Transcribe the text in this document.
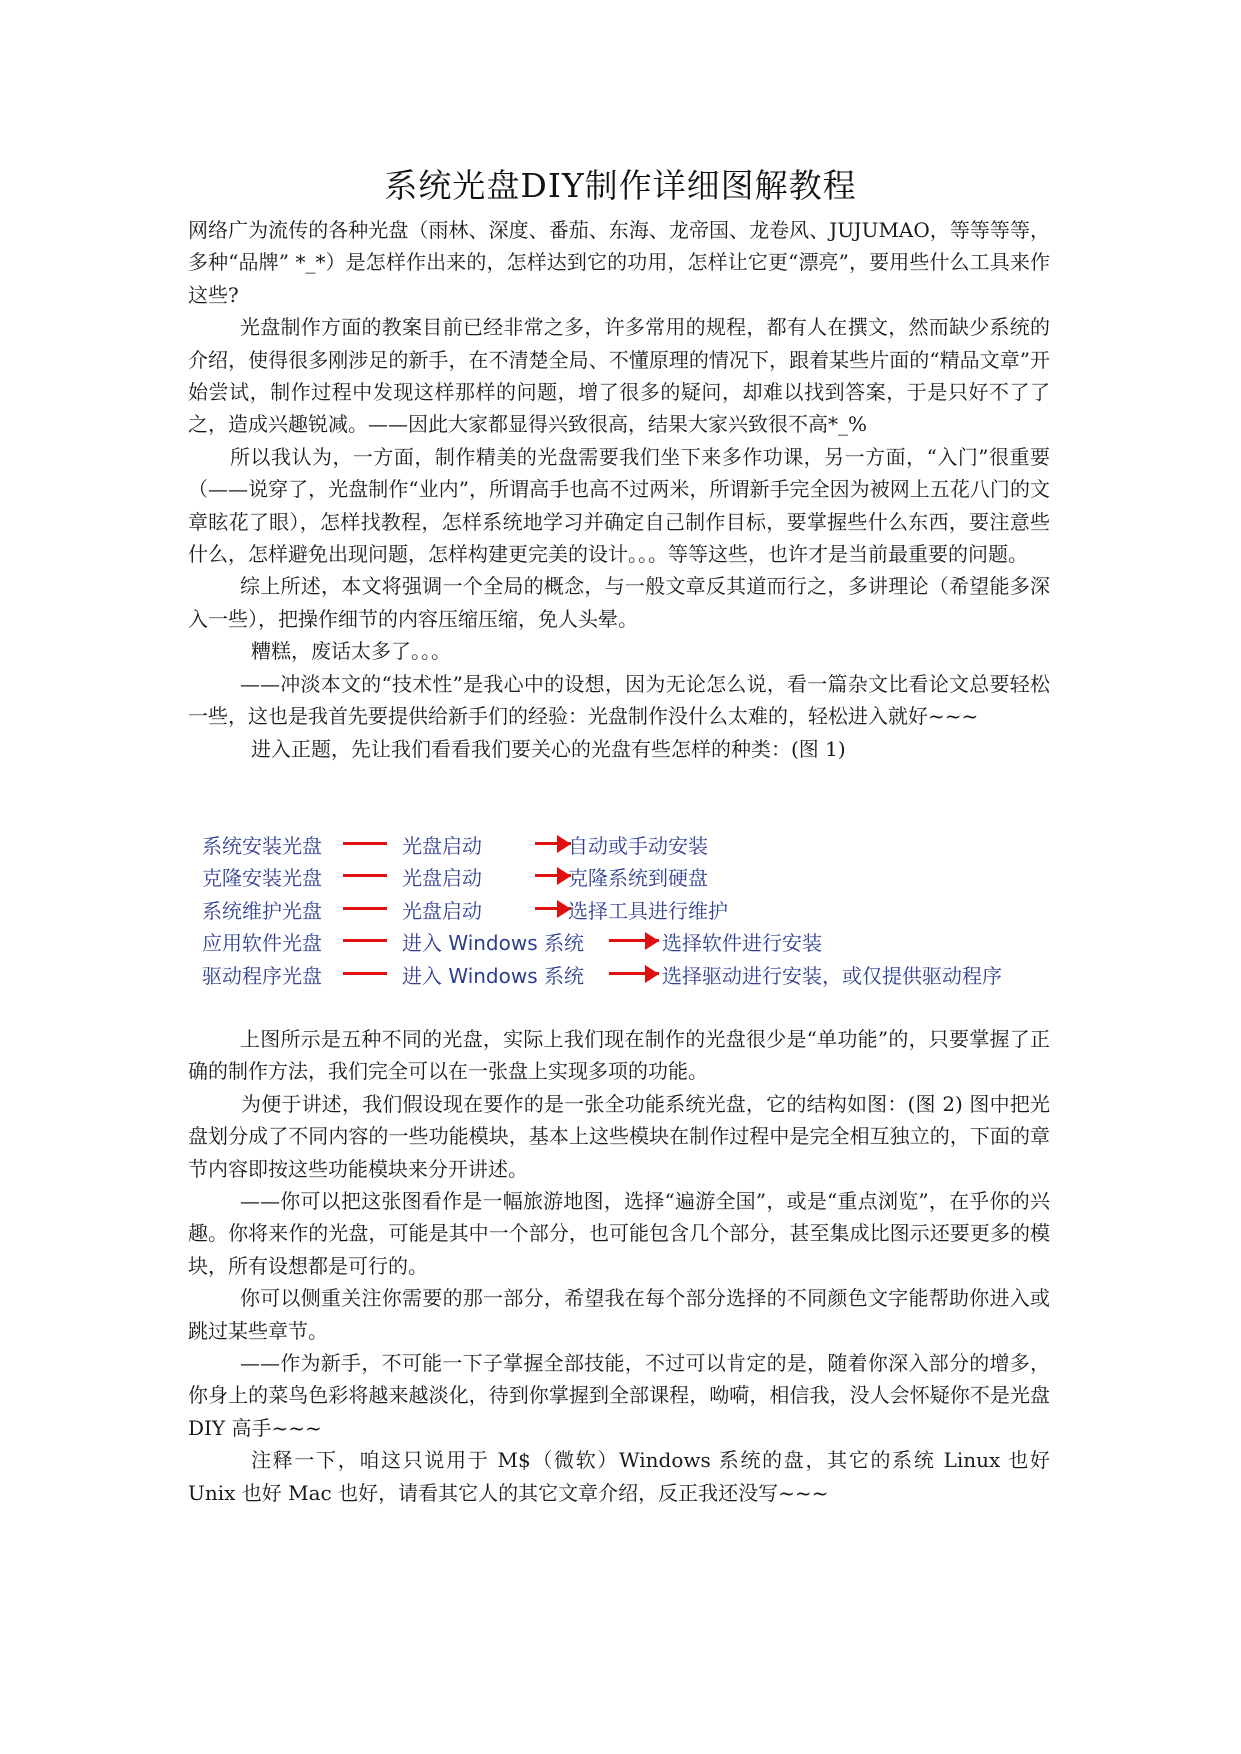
系统光盘DIY制作详细图解教程

网络广为流传的各种光盘（雨林、深度、番茄、东海、龙帝国、龙卷风、JUJUMAO，等等等等，多种“品牌” *_*）是怎样作出来的，怎样达到它的功用，怎样让它更“漂亮”，要用些什么工具来作这些?

光盘制作方面的教案目前已经非常之多，许多常用的规程，都有人在撰文，然而缺少系统的介绍，使得很多刚涉足的新手，在不清楚全局、不懂原理的情况下，跟着某些片面的“精品文章”开始尝试，制作过程中发现这样那样的问题，增了很多的疑问，却难以找到答案，于是只好不了了之，造成兴趣锐减。——因此大家都显得兴致很高，结果大家兴致很不高*_%

所以我认为，一方面，制作精美的光盘需要我们坐下来多作功课，另一方面，“入门”很重要（——说穿了，光盘制作“业内”，所谓高手也高不过两米，所谓新手完全因为被网上五花八门的文章眩花了眼），怎样找教程，怎样系统地学习并确定自己制作目标，要掌握些什么东西，要注意些什么，怎样避免出现问题，怎样构建更完美的设计。。。等等这些，也许才是当前最重要的问题。

综上所述，本文将强调一个全局的概念，与一般文章反其道而行之，多讲理论（希望能多深入一些），把操作细节的内容压缩压缩，免人头晕。

糟糕，废话太多了。。。

——冲淡本文的“技术性”是我心中的设想，因为无论怎么说，看一篇杂文比看论文总要轻松一些，这也是我首先要提供给新手们的经验：光盘制作没什么太难的，轻松进入就好~~~

进入正题，先让我们看看我们要关心的光盘有些怎样的种类：(图 1)

系统安装光盘	光盘启动	自动或手动安装
克隆安装光盘	光盘启动	克隆系统到硬盘
系统维护光盘	光盘启动	选择工具进行维护
应用软件光盘	进入 Windows 系统	选择软件进行安装
驱动程序光盘	进入 Windows 系统	选择驱动进行安装，或仅提供驱动程序

上图所示是五种不同的光盘，实际上我们现在制作的光盘很少是“单功能”的，只要掌握了正确的制作方法，我们完全可以在一张盘上实现多项的功能。

为便于讲述，我们假设现在要作的是一张全功能系统光盘，它的结构如图：(图 2) 图中把光盘划分成了不同内容的一些功能模块，基本上这些模块在制作过程中是完全相互独立的，下面的章节内容即按这些功能模块来分开讲述。

——你可以把这张图看作是一幅旅游地图，选择“遍游全国”，或是“重点浏览”，在乎你的兴趣。你将来作的光盘，可能是其中一个部分，也可能包含几个部分，甚至集成比图示还要更多的模块，所有设想都是可行的。

你可以侧重关注你需要的那一部分，希望我在每个部分选择的不同颜色文字能帮助你进入或跳过某些章节。

——作为新手，不可能一下子掌握全部技能，不过可以肯定的是，随着你深入部分的增多，你身上的菜鸟色彩将越来越淡化，待到你掌握到全部课程，呦嗬，相信我，没人会怀疑你不是光盘 DIY 高手~~~

注释一下，咱这只说用于 M$（微软）Windows 系统的盘，其它的系统 Linux 也好 Unix 也好 Mac 也好，请看其它人的其它文章介绍，反正我还没写~~~
